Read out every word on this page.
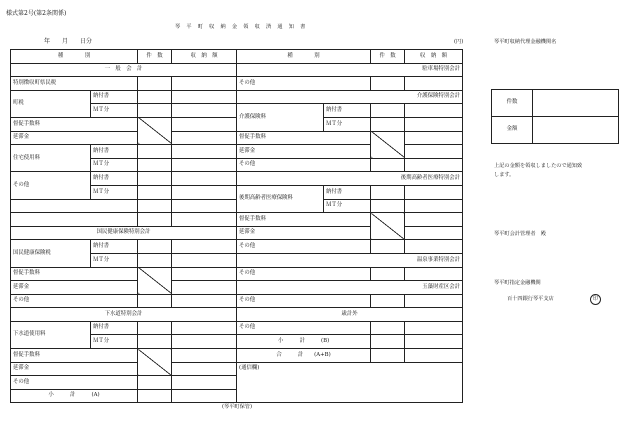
様式第2号(第2条関係)
琴　平　町　収　納　金　領　収　済　通　知　書
年　　月　　日分	(円)
種　　　　別		件　数	収　納　額	種　　　　別		件　数	収　納　額
一　般　会　計				駐車場特別会計			
特別徴収町県民税				その他			
町税	納付書			介護保険特別会計			
	ＭＴ分			介護保険料	納付書		
督促手数料					ＭＴ分		
延滞金				督促手数料			
住宅使用料	納付書			延滞金			
	ＭＴ分			その他			
その他	納付書			後期高齢者医療特別会計			
	ＭＴ分			後期高齢者医療保険料	納付書		
					ＭＴ分		
				督促手数料			
国民健康保険特別会計				延滞金			
国民健康保険税	納付書			その他			
	ＭＴ分			温泉事業特別会計			
督促手数料				その他			
延滞金				玉藻財産区会計			
その他				その他			
下水道特別会計				歳計外			
下水道使用料	納付書			その他			
	ＭＴ分			小　　　計　　　(B)			
督促手数料				合　　　計　　(A+B)			
延滞金				(通信欄)			
その他							
小　　　計　　　(A)							
(琴平町保管)
琴平町収納代理金融機関名
件数	
金額	
上記の金額を領収しましたので通知致
します。
琴平町会計管理者　殿
琴平町指定金融機関
百十四銀行琴平支店	印
